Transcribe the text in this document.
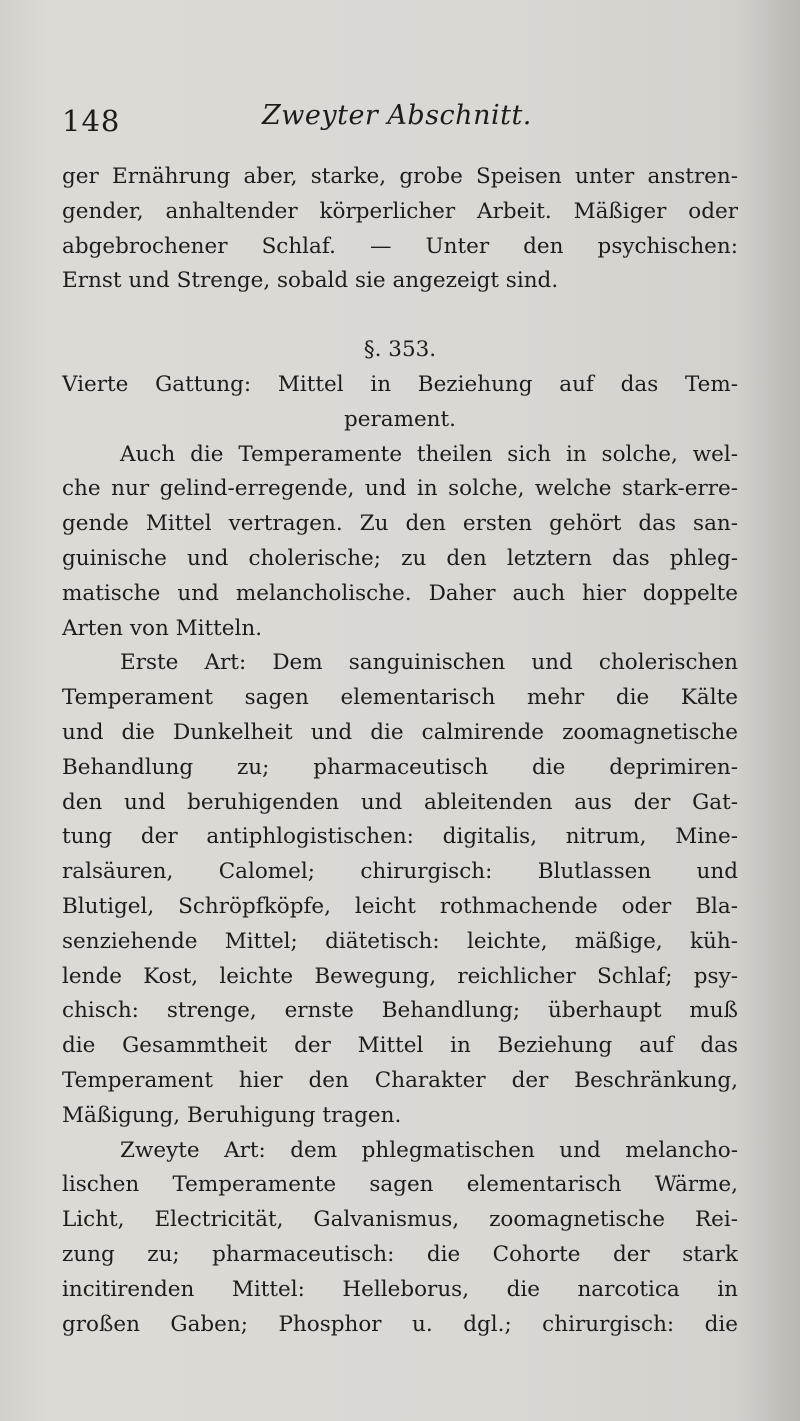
148	Zweyter Abschnitt.
ger Ernährung aber, starke, grobe Speisen unter anstren-
gender, anhaltender körperlicher Arbeit. Mäßiger oder
abgebrochener Schlaf. — Unter den psychischen:
Ernst und Strenge, sobald sie angezeigt sind.
§. 353.
Vierte Gattung: Mittel in Beziehung auf das Tem-
perament.
Auch die Temperamente theilen sich in solche, wel-
che nur gelind-erregende, und in solche, welche stark-erre-
gende Mittel vertragen. Zu den ersten gehört das san-
guinische und cholerische; zu den letztern das phleg-
matische und melancholische. Daher auch hier doppelte
Arten von Mitteln.
Erste Art: Dem sanguinischen und cholerischen
Temperament sagen elementarisch mehr die Kälte
und die Dunkelheit und die calmirende zoomagnetische
Behandlung zu; pharmaceutisch die deprimiren-
den und beruhigenden und ableitenden aus der Gat-
tung der antiphlogistischen: digitalis, nitrum, Mine-
ralsäuren, Calomel; chirurgisch: Blutlassen und
Blutigel, Schröpfköpfe, leicht rothmachende oder Bla-
senziehende Mittel; diätetisch: leichte, mäßige, küh-
lende Kost, leichte Bewegung, reichlicher Schlaf; psy-
chisch: strenge, ernste Behandlung; überhaupt muß
die Gesammtheit der Mittel in Beziehung auf das
Temperament hier den Charakter der Beschränkung,
Mäßigung, Beruhigung tragen.
Zweyte Art: dem phlegmatischen und melancho-
lischen Temperamente sagen elementarisch Wärme,
Licht, Electricität, Galvanismus, zoomagnetische Rei-
zung zu; pharmaceutisch: die Cohorte der stark
incitirenden Mittel: Helleborus, die narcotica in
großen Gaben; Phosphor u. dgl.; chirurgisch: die
